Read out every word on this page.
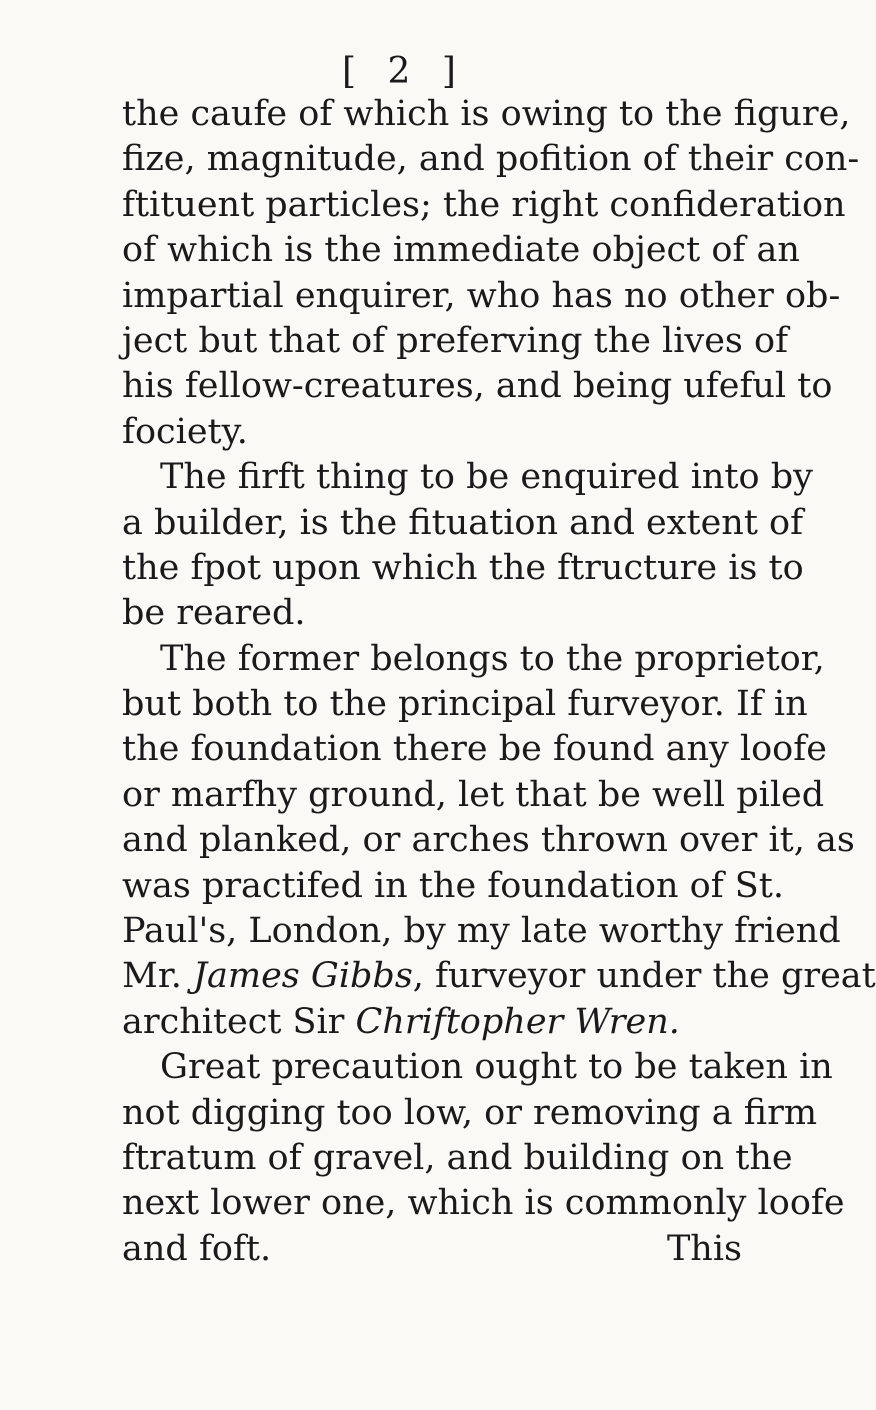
[ 2 ]
the caufe of which is owing to the figure,
fize, magnitude, and pofition of their con-
ftituent particles; the right confideration
of which is the immediate object of an
impartial enquirer, who has no other ob-
ject but that of preferving the lives of
his fellow-creatures, and being ufeful to
fociety.
The firft thing to be enquired into by
a builder, is the fituation and extent of
the fpot upon which the ftructure is to
be reared.
The former belongs to the proprietor,
but both to the principal furveyor. If in
the foundation there be found any loofe
or marfhy ground, let that be well piled
and planked, or arches thrown over it, as
was practifed in the foundation of St.
Paul's, London, by my late worthy friend
Mr. James Gibbs, furveyor under the great
architect Sir Chriftopher Wren.
Great precaution ought to be taken in
not digging too low, or removing a firm
ftratum of gravel, and building on the
next lower one, which is commonly loofe
and foft.	This
